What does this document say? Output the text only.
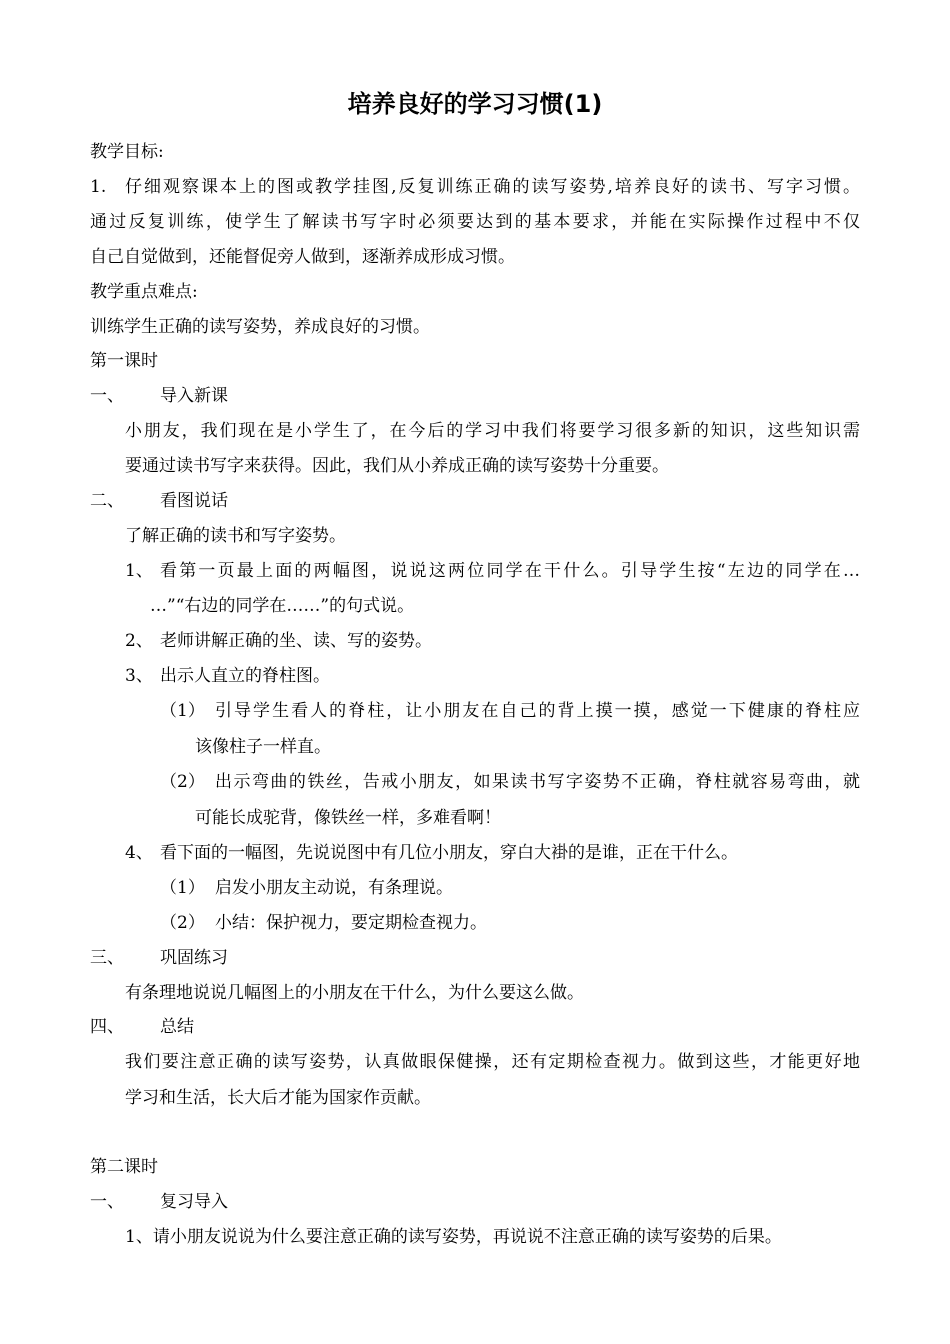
培养良好的学习习惯(1)
教学目标:
1. 仔细观察课本上的图或教学挂图,反复训练正确的读写姿势,培养良好的读书、写字习惯。
通过反复训练，使学生了解读书写字时必须要达到的基本要求，并能在实际操作过程中不仅
自己自觉做到，还能督促旁人做到，逐渐养成形成习惯。
教学重点难点:
训练学生正确的读写姿势，养成良好的习惯。
第一课时
一、 导入新课
小朋友，我们现在是小学生了，在今后的学习中我们将要学习很多新的知识，这些知识需
要通过读书写字来获得。因此，我们从小养成正确的读写姿势十分重要。
二、 看图说话
了解正确的读书和写字姿势。
1、 看第一页最上面的两幅图，说说这两位同学在干什么。引导学生按“左边的同学在…
…”“右边的同学在……”的句式说。
2、 老师讲解正确的坐、读、写的姿势。
3、 出示人直立的脊柱图。
（1） 引导学生看人的脊柱，让小朋友在自己的背上摸一摸，感觉一下健康的脊柱应
该像柱子一样直。
（2） 出示弯曲的铁丝，告戒小朋友，如果读书写字姿势不正确，脊柱就容易弯曲，就
可能长成驼背，像铁丝一样，多难看啊！
4、 看下面的一幅图，先说说图中有几位小朋友，穿白大褂的是谁，正在干什么。
（1） 启发小朋友主动说，有条理说。
（2） 小结：保护视力，要定期检查视力。
三、 巩固练习
有条理地说说几幅图上的小朋友在干什么，为什么要这么做。
四、 总结
我们要注意正确的读写姿势，认真做眼保健操，还有定期检查视力。做到这些，才能更好地
学习和生活，长大后才能为国家作贡献。
第二课时
一、 复习导入
1、请小朋友说说为什么要注意正确的读写姿势，再说说不注意正确的读写姿势的后果。
